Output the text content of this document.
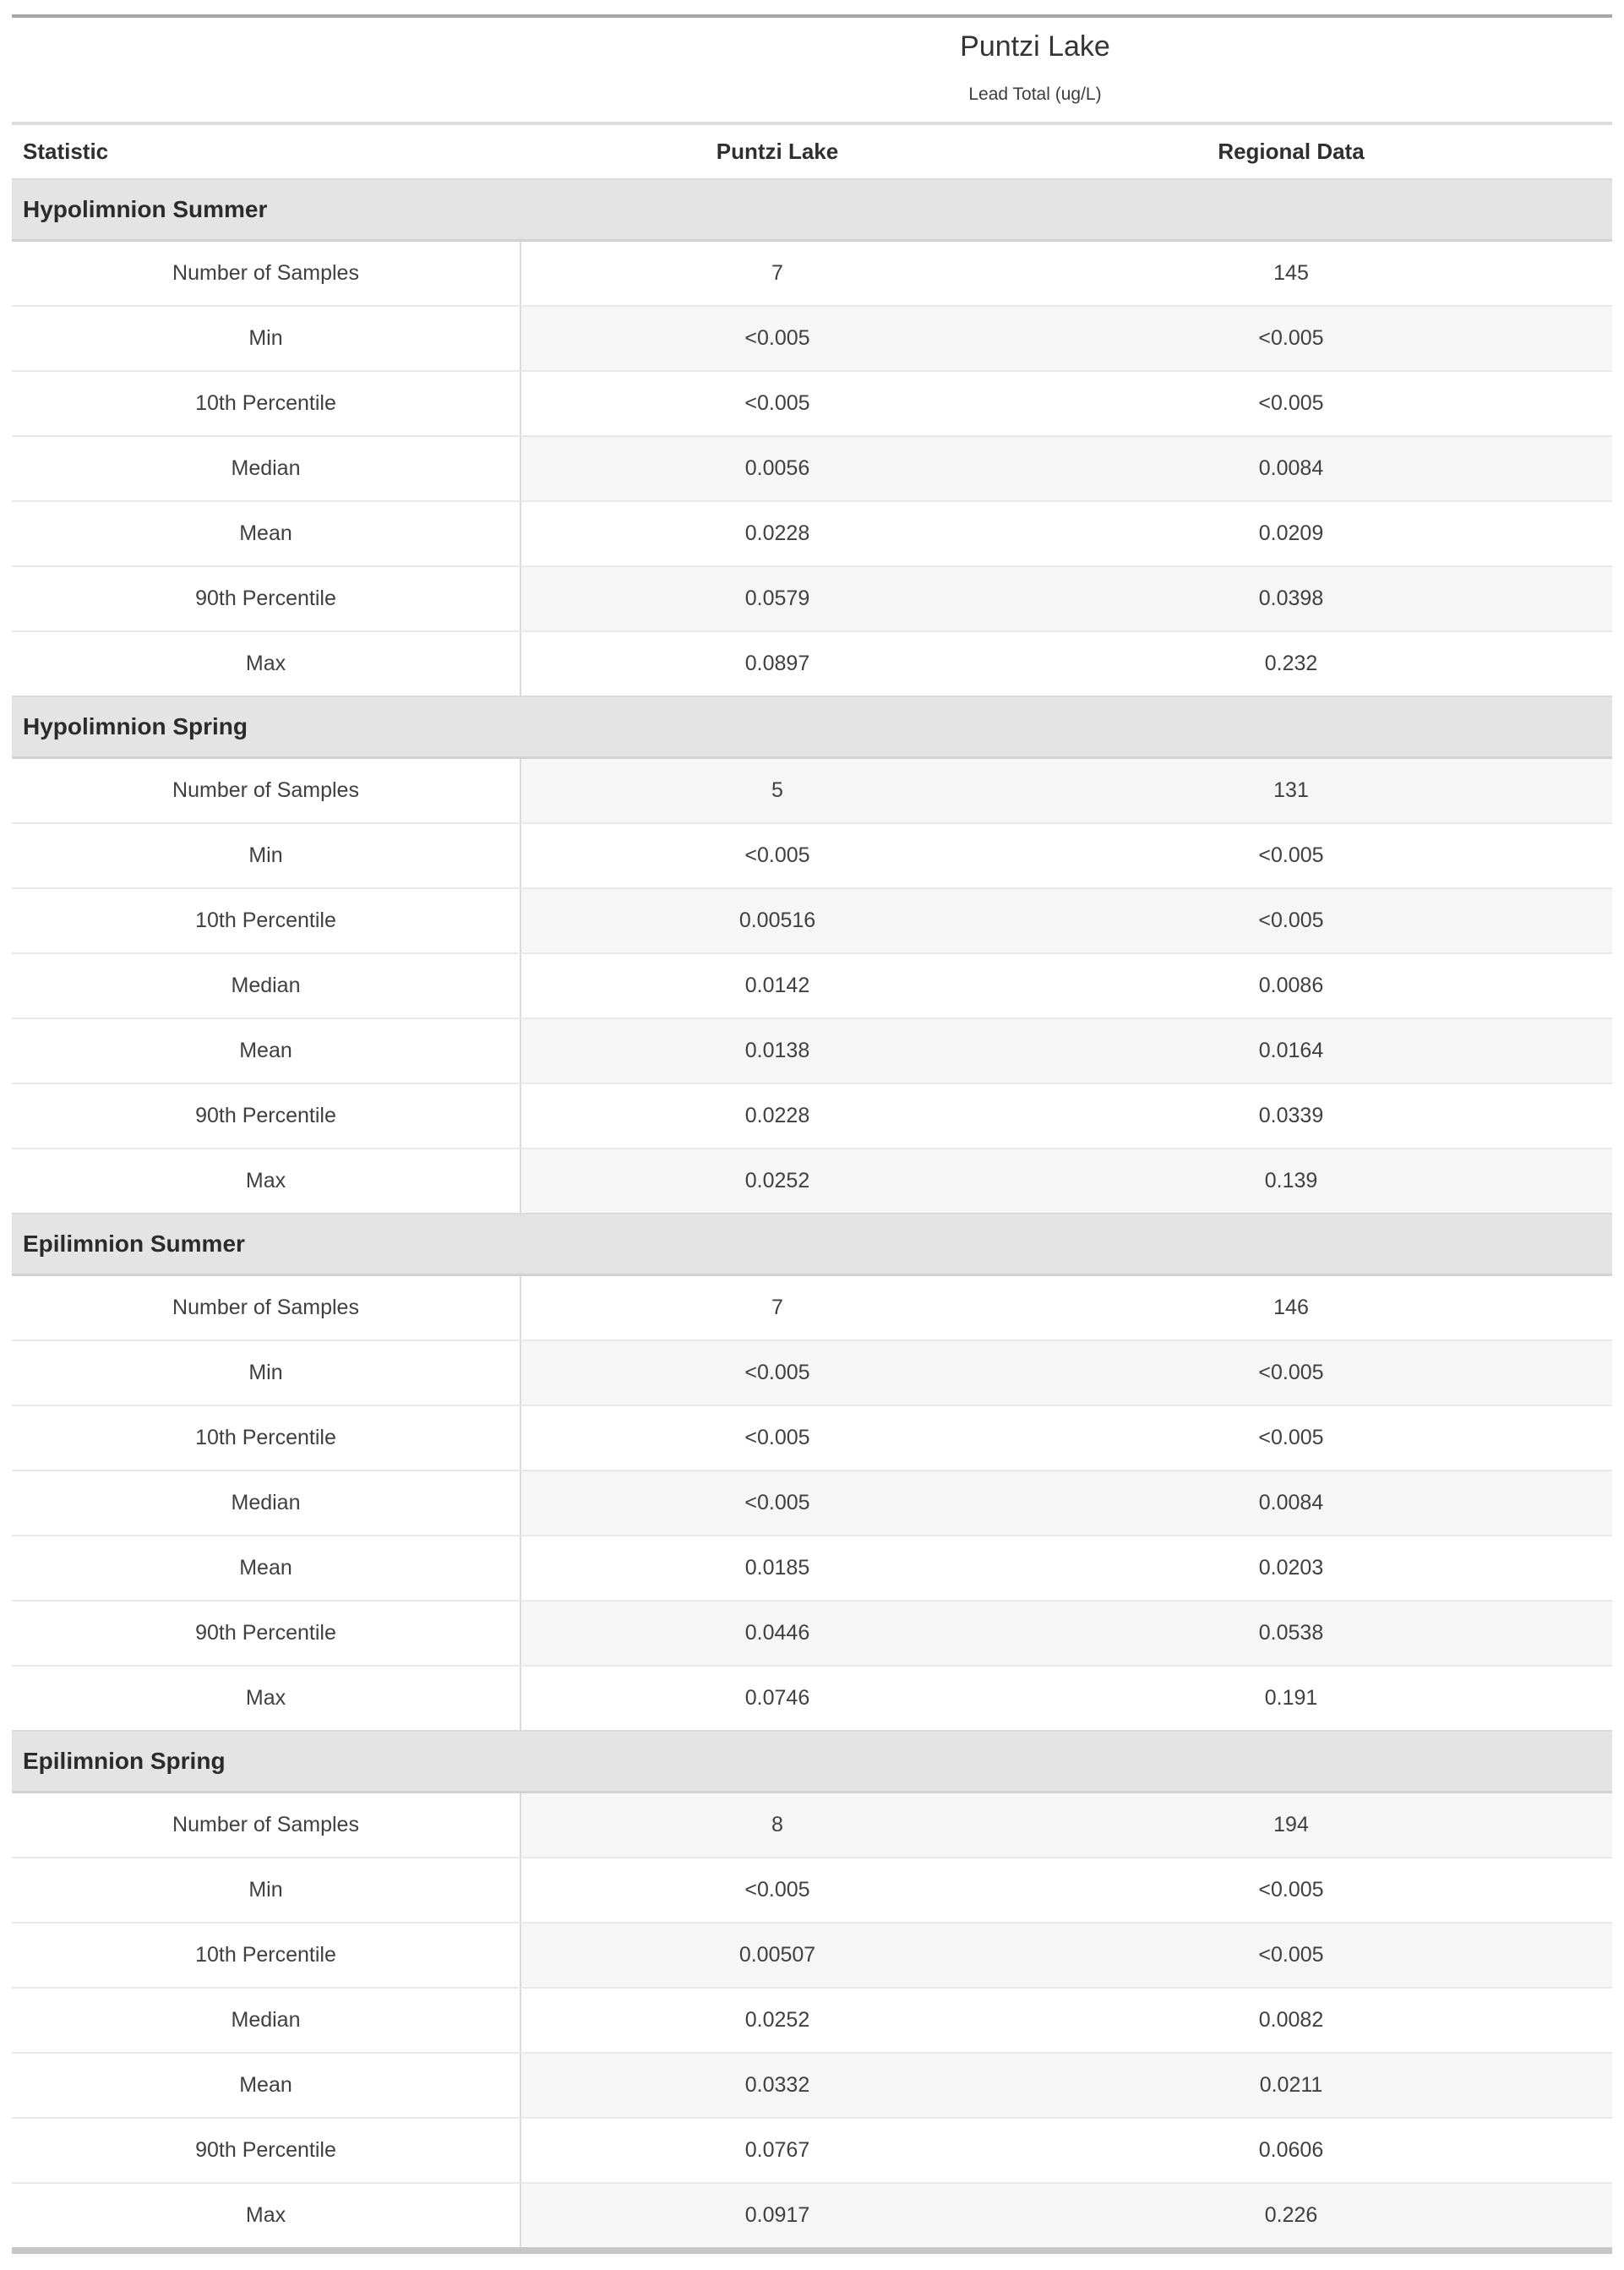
Puntzi Lake
Lead Total (ug/L)
Statistic	Puntzi Lake	Regional Data
Hypolimnion Summer
Number of Samples	7	145
Min	<0.005	<0.005
10th Percentile	<0.005	<0.005
Median	0.0056	0.0084
Mean	0.0228	0.0209
90th Percentile	0.0579	0.0398
Max	0.0897	0.232
Hypolimnion Spring
Number of Samples	5	131
Min	<0.005	<0.005
10th Percentile	0.00516	<0.005
Median	0.0142	0.0086
Mean	0.0138	0.0164
90th Percentile	0.0228	0.0339
Max	0.0252	0.139
Epilimnion Summer
Number of Samples	7	146
Min	<0.005	<0.005
10th Percentile	<0.005	<0.005
Median	<0.005	0.0084
Mean	0.0185	0.0203
90th Percentile	0.0446	0.0538
Max	0.0746	0.191
Epilimnion Spring
Number of Samples	8	194
Min	<0.005	<0.005
10th Percentile	0.00507	<0.005
Median	0.0252	0.0082
Mean	0.0332	0.0211
90th Percentile	0.0767	0.0606
Max	0.0917	0.226
